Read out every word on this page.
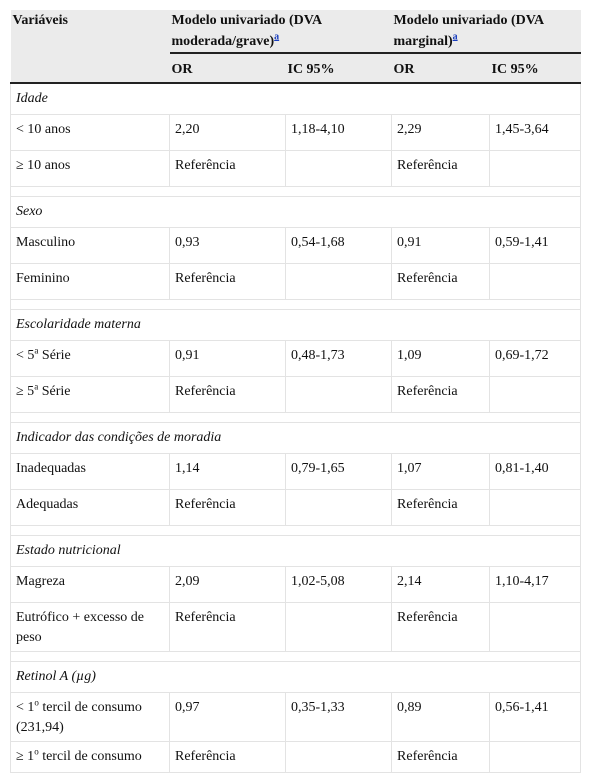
Variáveis	Modelo univariado (DVA moderada/grave)$^a$		Modelo univariado (DVA marginal)$^a$
	OR	IC 95%	OR	IC 95%
Idade				
< 10 anos	2,20	1,18-4,10	2,29	1,45-3,64
≥ 10 anos	Referência		Referência	

Sexo				
Masculino	0,93	0,54-1,68	0,91	0,59-1,41
Feminino	Referência		Referência	

Escolaridade materna				
< $5^a$ Série	0,91	0,48-1,73	1,09	0,69-1,72
≥ $5^a$ Série	Referência		Referência	

Indicador das condições de moradia				
Inadequadas	1,14	0,79-1,65	1,07	0,81-1,40
Adequadas	Referência		Referência	

Estado nutricional				
Magreza	2,09	1,02-5,08	2,14	1,10-4,17
Eutrófico + excesso de peso	Referência		Referência	

Retinol A (µg)				
< $1^o$ tercil de consumo (231,94)	0,97	0,35-1,33	0,89	0,56-1,41
≥ $1^o$ tercil de consumo	Referência		Referência	
